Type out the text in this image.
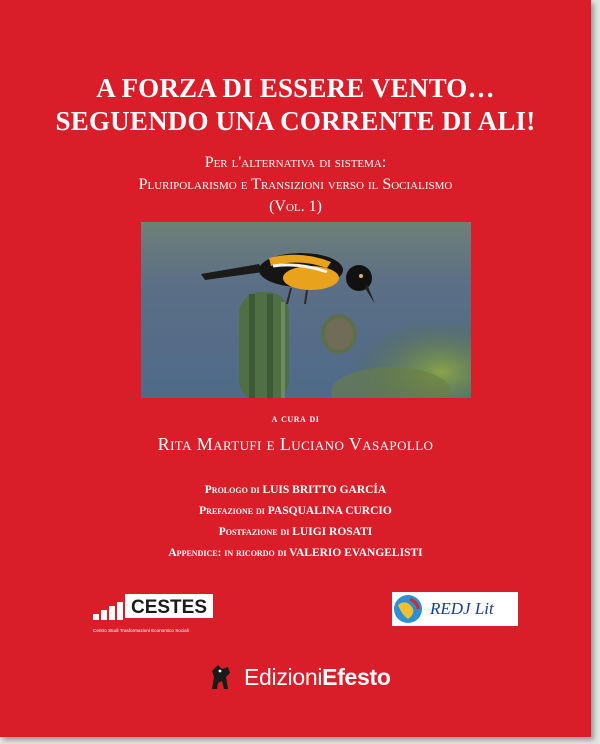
A FORZA DI ESSERE VENTO…
SEGUENDO UNA CORRENTE DI ALI!
Per l'alternativa di sistema:
Pluripolarismo e Transizioni verso il Socialismo
(Vol. 1)
a cura di
Rita Martufi e Luciano Vasapollo
Prologo di LUIS BRITTO GARCÍA
Prefazione di PASQUALINA CURCIO
Postfazione di LUIGI ROSATI
Appendice: in ricordo di VALERIO EVANGELISTI
CESTES
Centro Studi Trasformazioni Economico Sociali
REDJ Lit
Edizioni Efesto
